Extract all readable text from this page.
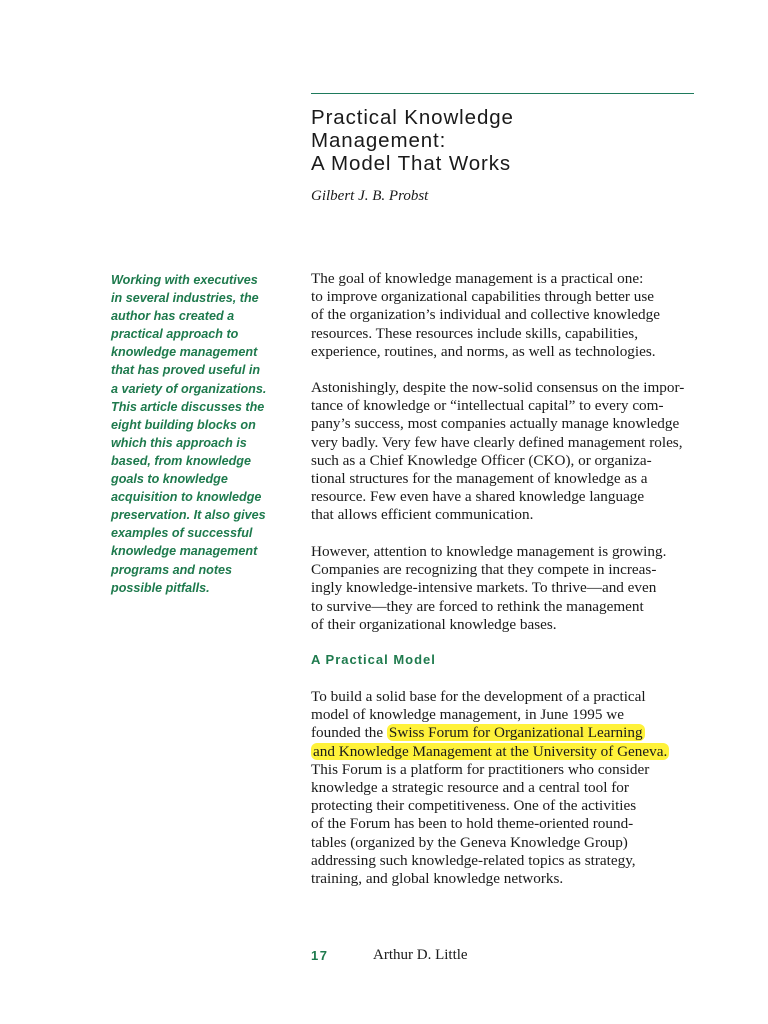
Practical Knowledge
Management:
A Model That Works
Gilbert J. B. Probst
Working with executives
in several industries, the
author has created a
practical approach to
knowledge management
that has proved useful in
a variety of organizations.
This article discusses the
eight building blocks on
which this approach is
based, from knowledge
goals to knowledge
acquisition to knowledge
preservation. It also gives
examples of successful
knowledge management
programs and notes
possible pitfalls.
The goal of knowledge management is a practical one:
to improve organizational capabilities through better use
of the organization’s individual and collective knowledge
resources. These resources include skills, capabilities,
experience, routines, and norms, as well as technologies.
Astonishingly, despite the now-solid consensus on the impor-
tance of knowledge or “intellectual capital” to every com-
pany’s success, most companies actually manage knowledge
very badly. Very few have clearly defined management roles,
such as a Chief Knowledge Officer (CKO), or organiza-
tional structures for the management of knowledge as a
resource. Few even have a shared knowledge language
that allows efficient communication.
However, attention to knowledge management is growing.
Companies are recognizing that they compete in increas-
ingly knowledge-intensive markets. To thrive—and even
to survive—they are forced to rethink the management
of their organizational knowledge bases.
A Practical Model
To build a solid base for the development of a practical
model of knowledge management, in June 1995 we
founded the Swiss Forum for Organizational Learning
and Knowledge Management at the University of Geneva.
This Forum is a platform for practitioners who consider
knowledge a strategic resource and a central tool for
protecting their competitiveness. One of the activities
of the Forum has been to hold theme-oriented round-
tables (organized by the Geneva Knowledge Group)
addressing such knowledge-related topics as strategy,
training, and global knowledge networks.
17	Arthur D. Little
